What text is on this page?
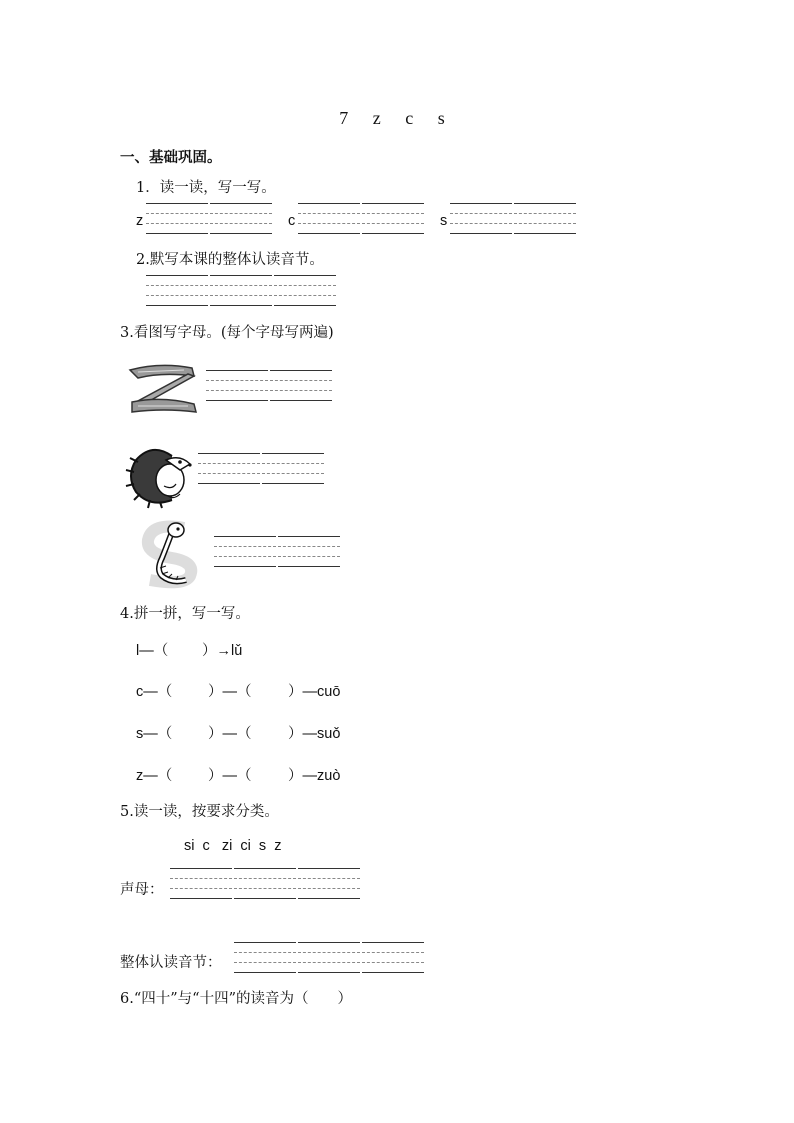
7 z c s
一、基础巩固。
1．读一读，写一写。
z	c	s
2.默写本课的整体认读音节。
3.看图写字母。(每个字母写两遍)
4.拼一拼，写一写。
l—（ ）→lǔ
c—（ ）—（	）—cuō
s—（ ）—（	）—suǒ
z—（ ）—（	）—zuò
5.读一读，按要求分类。
si  c   zi  ci  s  z
声母：
整体认读音节：
6.“四十”与“十四”的读音为（　　）
